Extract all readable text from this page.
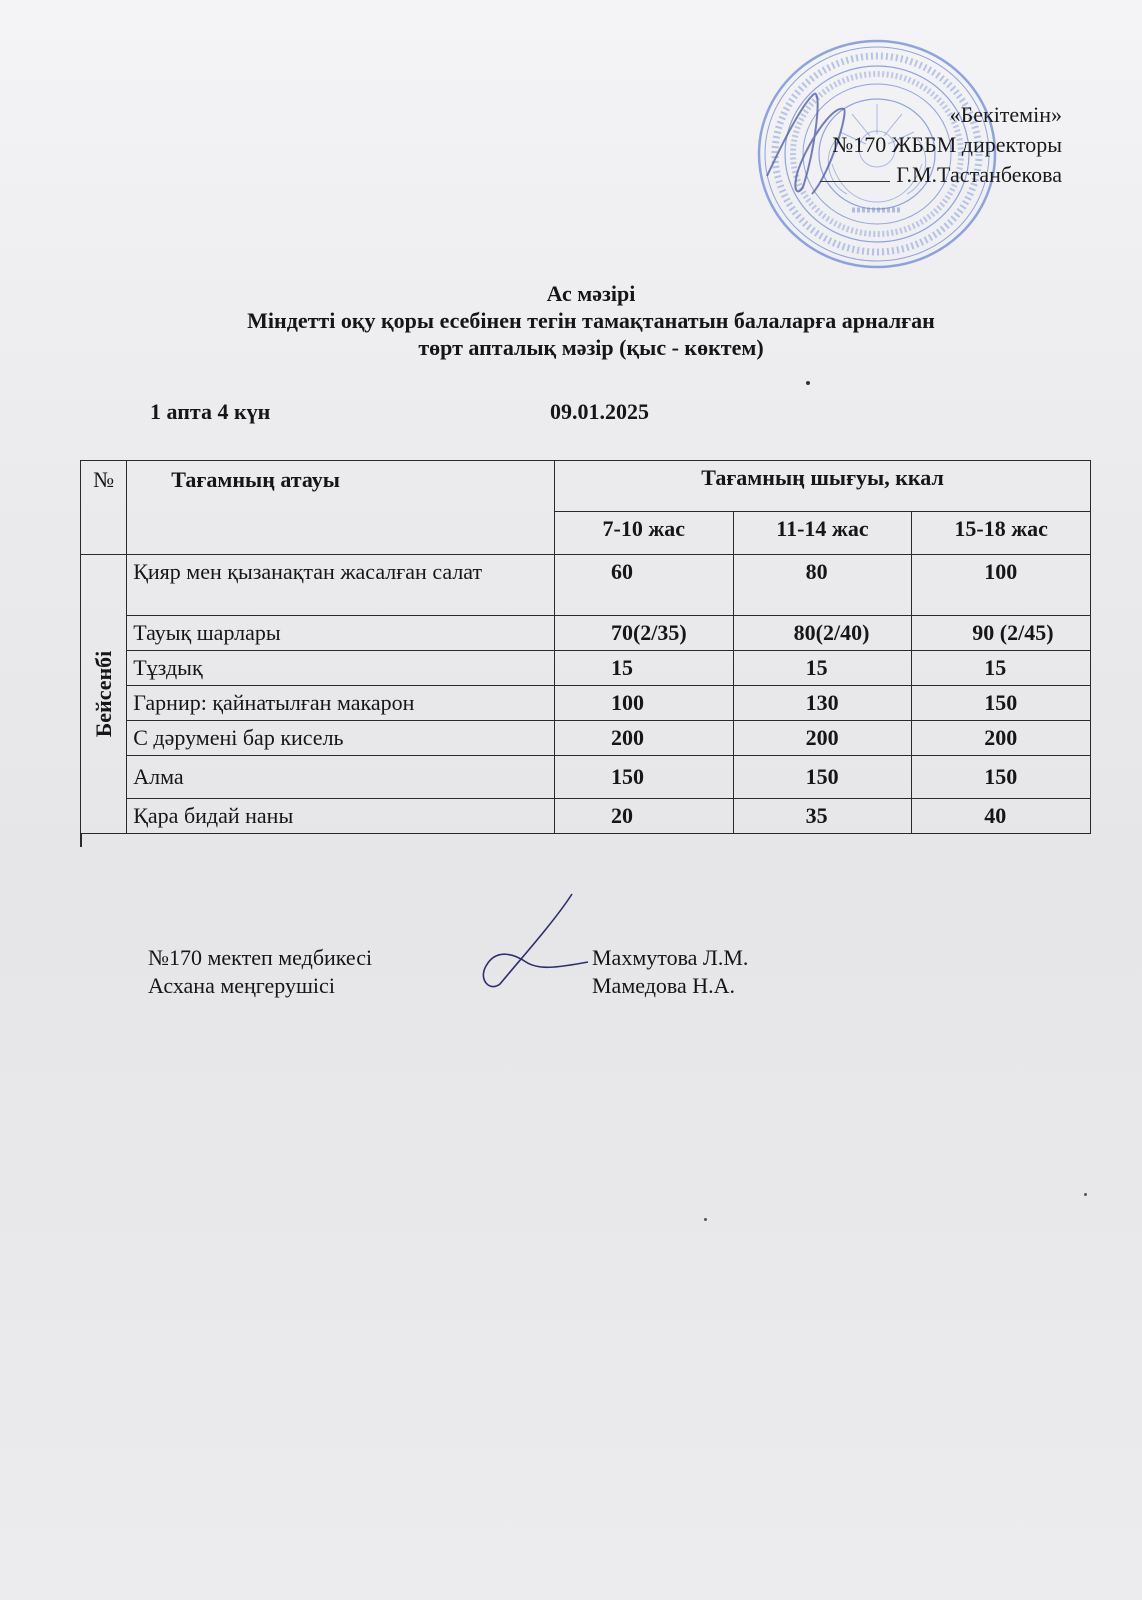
«Бекітемін»
№170 ЖББМ директоры
Г.М.Тастанбекова
Ас мәзірі
Міндетті оқу қоры есебінен тегін тамақтанатын балаларға арналған
төрт апталық мәзір (қыс - көктем)
1 апта 4 күн	09.01.2025
№	Тағамның атауы	Тағамның шығуы, ккал		
		7-10 жас	11-14 жас	15-18 жас

Бейсенбі	Қияр мен қызанақтан жасалған салат	60	80	100
	Тауық шарлары	70(2/35)	80(2/40)	90 (2/45)
	Тұздық	15	15	15
	Гарнир: қайнатылған макарон	100	130	150
	С дәрумені бар кисель	200	200	200
	Алма	150	150	150
	Қара бидай наны	20	35	40
№170 мектеп медбикесі
Асхана меңгерушісі
Махмутова Л.М.
Мамедова Н.А.
